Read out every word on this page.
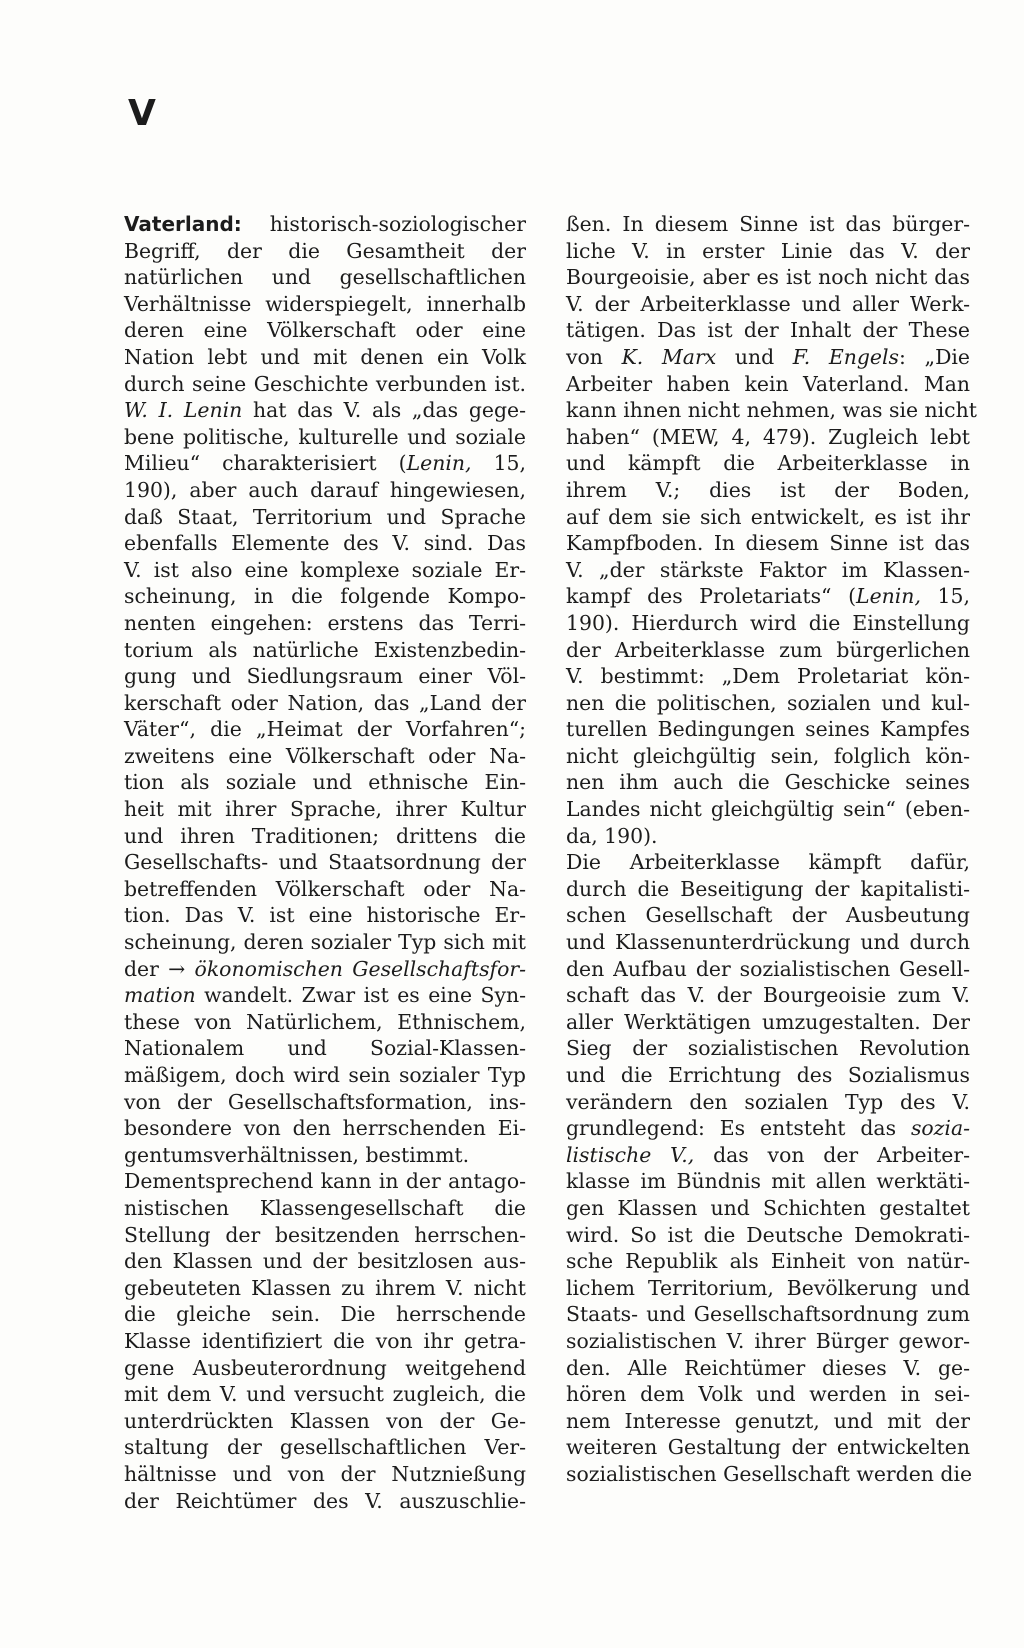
V
Vaterland: historisch-soziologischer
Begriff, der die Gesamtheit der
natürlichen und gesellschaftlichen
Verhältnisse widerspiegelt, innerhalb
deren eine Völkerschaft oder eine
Nation lebt und mit denen ein Volk
durch seine Geschichte verbunden ist.
W. I. Lenin hat das V. als „das gege-
bene politische, kulturelle und soziale
Milieu“ charakterisiert (Lenin, 15,
190), aber auch darauf hingewiesen,
daß Staat, Territorium und Sprache
ebenfalls Elemente des V. sind. Das
V. ist also eine komplexe soziale Er-
scheinung, in die folgende Kompo-
nenten eingehen: erstens das Terri-
torium als natürliche Existenzbedin-
gung und Siedlungsraum einer Völ-
kerschaft oder Nation, das „Land der
Väter“, die „Heimat der Vorfahren“;
zweitens eine Völkerschaft oder Na-
tion als soziale und ethnische Ein-
heit mit ihrer Sprache, ihrer Kultur
und ihren Traditionen; drittens die
Gesellschafts- und Staatsordnung der
betreffenden Völkerschaft oder Na-
tion. Das V. ist eine historische Er-
scheinung, deren sozialer Typ sich mit
der → ökonomischen Gesellschaftsfor-
mation wandelt. Zwar ist es eine Syn-
these von Natürlichem, Ethnischem,
Nationalem und Sozial-Klassen-
mäßigem, doch wird sein sozialer Typ
von der Gesellschaftsformation, ins-
besondere von den herrschenden Ei-
gentumsverhältnissen, bestimmt.
Dementsprechend kann in der antago-
nistischen Klassengesellschaft die
Stellung der besitzenden herrschen-
den Klassen und der besitzlosen aus-
gebeuteten Klassen zu ihrem V. nicht
die gleiche sein. Die herrschende
Klasse identifiziert die von ihr getra-
gene Ausbeuterordnung weitgehend
mit dem V. und versucht zugleich, die
unterdrückten Klassen von der Ge-
staltung der gesellschaftlichen Ver-
hältnisse und von der Nutznießung
der Reichtümer des V. auszuschlie-
ßen. In diesem Sinne ist das bürger-
liche V. in erster Linie das V. der
Bourgeoisie, aber es ist noch nicht das
V. der Arbeiterklasse und aller Werk-
tätigen. Das ist der Inhalt der These
von K. Marx und F. Engels: „Die
Arbeiter haben kein Vaterland. Man
kann ihnen nicht nehmen, was sie nicht
haben“ (MEW, 4, 479). Zugleich lebt
und kämpft die Arbeiterklasse in
ihrem V.; dies ist der Boden,
auf dem sie sich entwickelt, es ist ihr
Kampfboden. In diesem Sinne ist das
V. „der stärkste Faktor im Klassen-
kampf des Proletariats“ (Lenin, 15,
190). Hierdurch wird die Einstellung
der Arbeiterklasse zum bürgerlichen
V. bestimmt: „Dem Proletariat kön-
nen die politischen, sozialen und kul-
turellen Bedingungen seines Kampfes
nicht gleichgültig sein, folglich kön-
nen ihm auch die Geschicke seines
Landes nicht gleichgültig sein“ (eben-
da, 190).
Die Arbeiterklasse kämpft dafür,
durch die Beseitigung der kapitalisti-
schen Gesellschaft der Ausbeutung
und Klassenunterdrückung und durch
den Aufbau der sozialistischen Gesell-
schaft das V. der Bourgeoisie zum V.
aller Werktätigen umzugestalten. Der
Sieg der sozialistischen Revolution
und die Errichtung des Sozialismus
verändern den sozialen Typ des V.
grundlegend: Es entsteht das sozia-
listische V., das von der Arbeiter-
klasse im Bündnis mit allen werktäti-
gen Klassen und Schichten gestaltet
wird. So ist die Deutsche Demokrati-
sche Republik als Einheit von natür-
lichem Territorium, Bevölkerung und
Staats- und Gesellschaftsordnung zum
sozialistischen V. ihrer Bürger gewor-
den. Alle Reichtümer dieses V. ge-
hören dem Volk und werden in sei-
nem Interesse genutzt, und mit der
weiteren Gestaltung der entwickelten
sozialistischen Gesellschaft werden die
